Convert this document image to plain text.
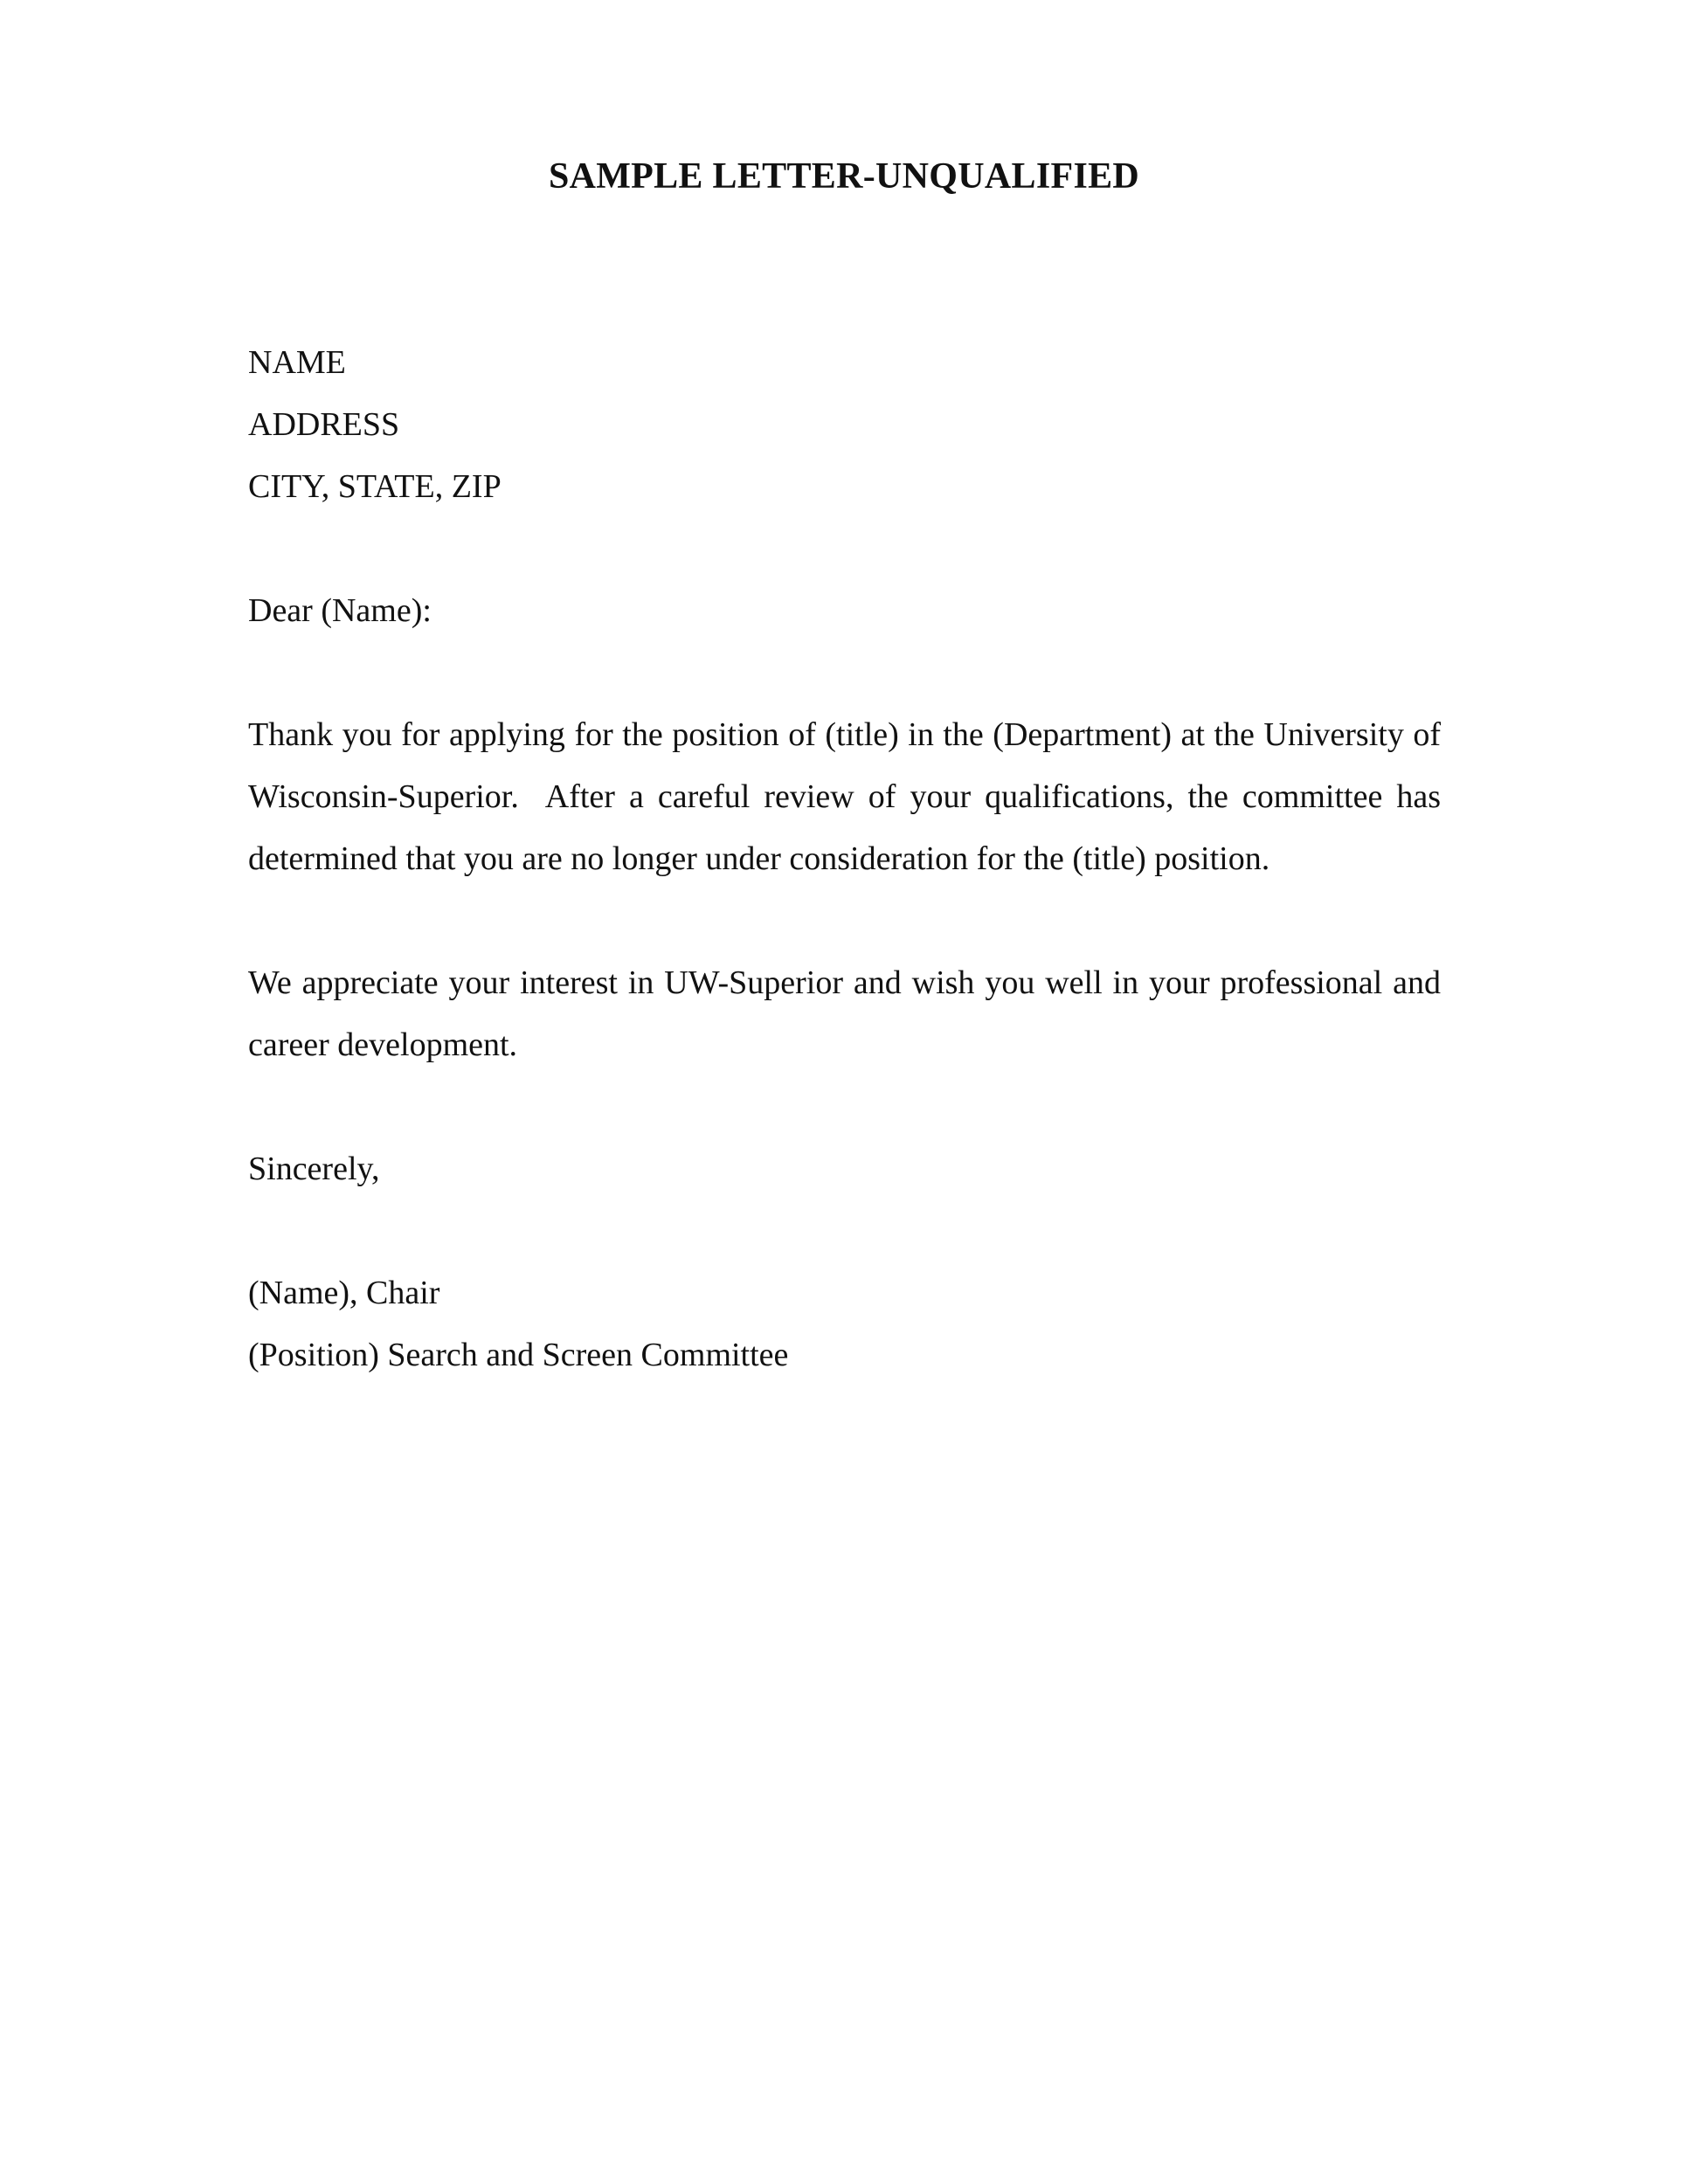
SAMPLE LETTER-UNQUALIFIED

NAME
ADDRESS
CITY, STATE, ZIP

Dear (Name):

Thank you for applying for the position of (title) in the (Department) at the University of Wisconsin-Superior.  After a careful review of your qualifications, the committee has determined that you are no longer under consideration for the (title) position.

We appreciate your interest in UW-Superior and wish you well in your professional and career development.

Sincerely,

(Name), Chair
(Position) Search and Screen Committee
